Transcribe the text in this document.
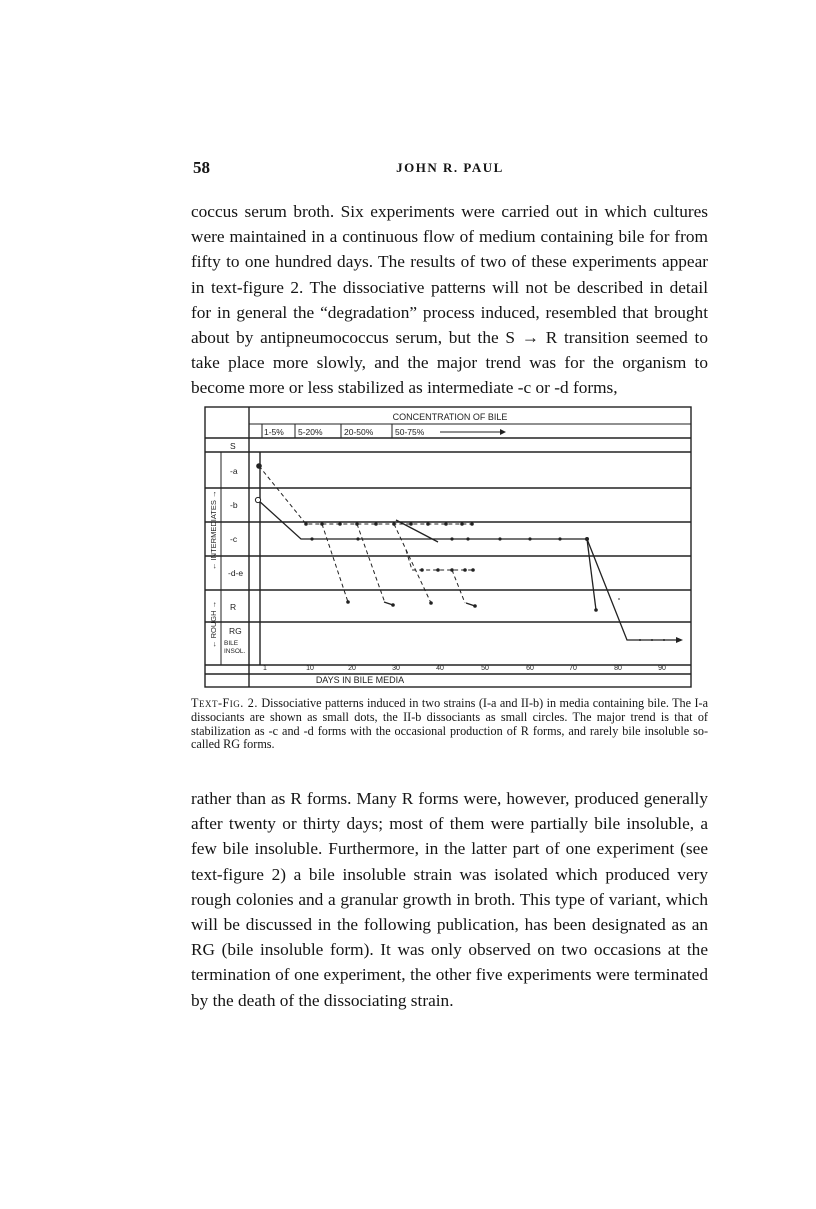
58	JOHN R. PAUL

coccus serum broth. Six experiments were carried out in which cultures were maintained in a continuous flow of medium containing bile for from fifty to one hundred days. The results of two of these experiments appear in text-figure 2. The dissociative patterns will not be described in detail for in general the “degradation” process induced, resembled that brought about by antipneumococcus serum, but the S → R transition seemed to take place more slowly, and the major trend was for the organism to become more or less stabilized as intermediate -c or -d forms,

CONCENTRATION OF BILE
1-5% 5-20%	20-50%	50-75%
S
-a
-b
-c
-d-e
R
RG
BILE
INSOL.
← INTERMEDIATES →
← ROUGH →
1	10	20	30	40	50	60	70	80	90
DAYS IN BILE MEDIA

Text-Fig. 2. Dissociative patterns induced in two strains (I-a and II-b) in media containing bile. The I-a dissociants are shown as small dots, the II-b dissociants as small circles. The major trend is that of stabilization as -c and -d forms with the occasional production of R forms, and rarely bile insoluble so-called RG forms.

rather than as R forms. Many R forms were, however, produced generally after twenty or thirty days; most of them were partially bile insoluble, a few bile insoluble. Furthermore, in the latter part of one experiment (see text-figure 2) a bile insoluble strain was isolated which produced very rough colonies and a granular growth in broth. This type of variant, which will be discussed in the following publication, has been designated as an RG (bile insoluble form). It was only observed on two occasions at the termination of one experiment, the other five experiments were terminated by the death of the dissociating strain.
